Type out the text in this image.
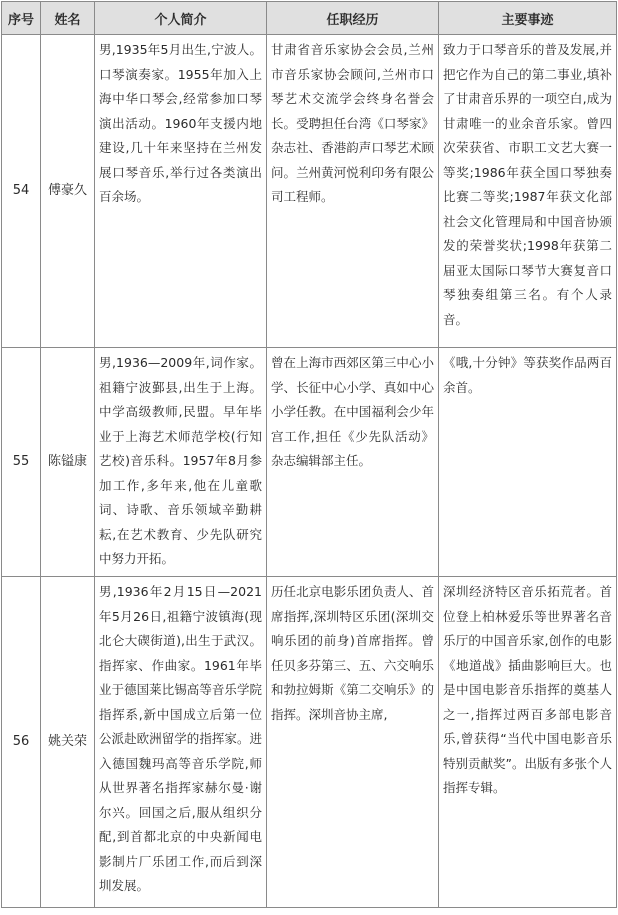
序号	姓名	个人简介	任职经历	主要事迹
54	傅豪久	男,1935年5月出生,宁波人。口琴演奏家。1955年加入上海中华口琴会,经常参加口琴演出活动。1960年支援内地建设,几十年来坚持在兰州发展口琴音乐,举行过各类演出百余场。	甘肃省音乐家协会会员,兰州市音乐家协会顾问,兰州市口琴艺术交流学会终身名誉会长。受聘担任台湾《口琴家》杂志社、香港韵声口琴艺术顾问。兰州黄河悦利印务有限公司工程师。	致力于口琴音乐的普及发展,并把它作为自己的第二事业,填补了甘肃音乐界的一项空白,成为甘肃唯一的业余音乐家。曾四次荣获省、市职工文艺大赛一等奖;1986年获全国口琴独奏比赛二等奖;1987年获文化部社会文化管理局和中国音协颁发的荣誉奖状;1998年获第二届亚太国际口琴节大赛复音口琴独奏组第三名。有个人录音。
55	陈镒康	男,1936—2009年,词作家。祖籍宁波鄞县,出生于上海。中学高级教师,民盟。早年毕业于上海艺术师范学校(行知艺校)音乐科。1957年8月参加工作,多年来,他在儿童歌词、诗歌、音乐领域辛勤耕耘,在艺术教育、少先队研究中努力开拓。	曾在上海市西郊区第三中心小学、长征中心小学、真如中心小学任教。在中国福利会少年宫工作,担任《少先队活动》杂志编辑部主任。	《哦,十分钟》等获奖作品两百余首。
56	姚关荣	男,1936年2月15日—2021年5月26日,祖籍宁波镇海(现北仑大碶街道),出生于武汉。指挥家、作曲家。1961年毕业于德国莱比锡高等音乐学院指挥系,新中国成立后第一位公派赴欧洲留学的指挥家。进入德国魏玛高等音乐学院,师从世界著名指挥家赫尔曼·谢尔兴。回国之后,服从组织分配,到首都北京的中央新闻电影制片厂乐团工作,而后到深圳发展。	历任北京电影乐团负责人、首席指挥,深圳特区乐团(深圳交响乐团的前身)首席指挥。曾任贝多芬第三、五、六交响乐和勃拉姆斯《第二交响乐》的指挥。深圳音协主席,	深圳经济特区音乐拓荒者。首位登上柏林爱乐等世界著名音乐厅的中国音乐家,创作的电影《地道战》插曲影响巨大。也是中国电影音乐指挥的奠基人之一,指挥过两百多部电影音乐,曾获得“当代中国电影音乐特别贡献奖”。出版有多张个人指挥专辑。
